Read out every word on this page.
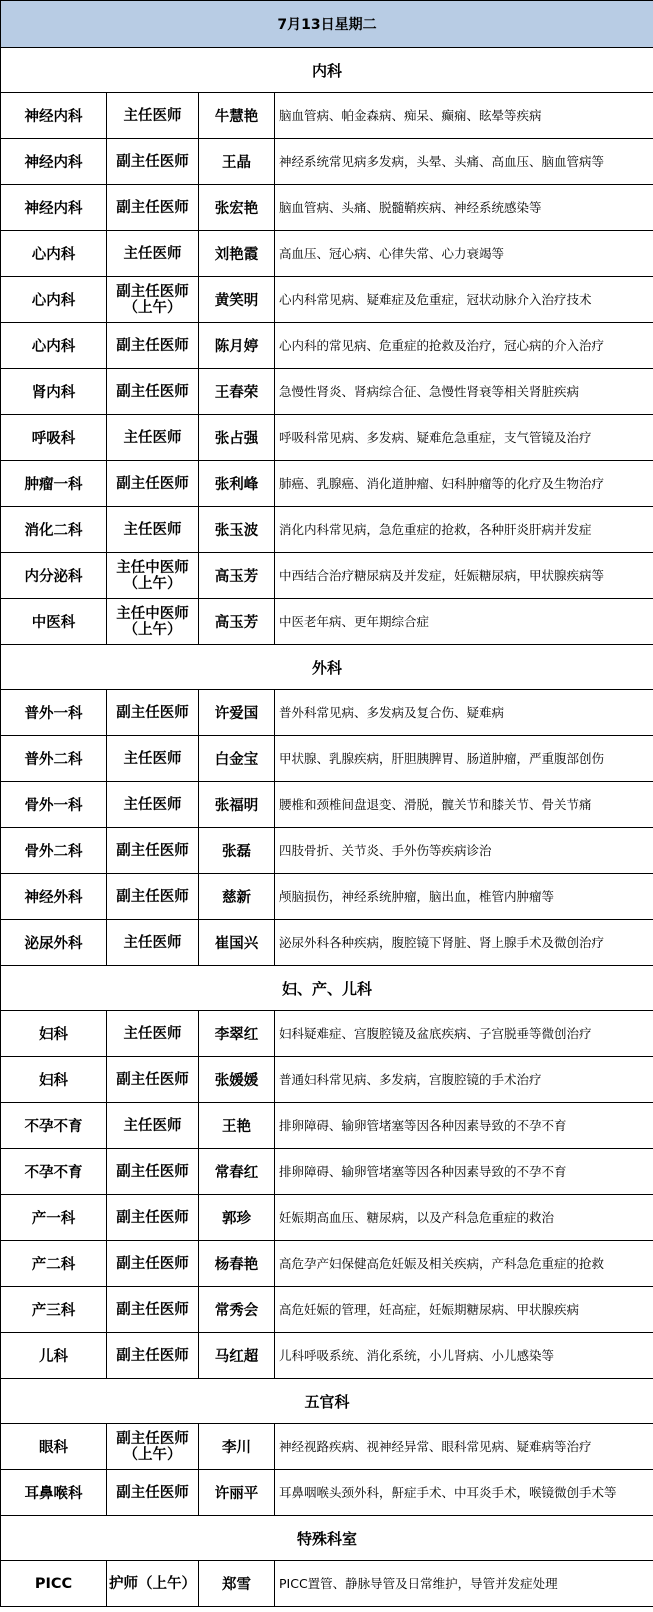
7月13日星期二			
内科			
神经内科	主任医师	牛慧艳	脑血管病、帕金森病、痴呆、癫痫、眩晕等疾病
神经内科	副主任医师	王晶	神经系统常见病多发病，头晕、头痛、高血压、脑血管病等
神经内科	副主任医师	张宏艳	脑血管病、头痛、脱髓鞘疾病、神经系统感染等
心内科	主任医师	刘艳霞	高血压、冠心病、心律失常、心力衰竭等
心内科	副主任医师（上午）	黄笑明	心内科常见病、疑难症及危重症，冠状动脉介入治疗技术
心内科	副主任医师	陈月婷	心内科的常见病、危重症的抢救及治疗，冠心病的介入治疗
肾内科	副主任医师	王春荣	急慢性肾炎、肾病综合征、急慢性肾衰等相关肾脏疾病
呼吸科	主任医师	张占强	呼吸科常见病、多发病、疑难危急重症，支气管镜及治疗
肿瘤一科	副主任医师	张利峰	肺癌、乳腺癌、消化道肿瘤、妇科肿瘤等的化疗及生物治疗
消化二科	主任医师	张玉波	消化内科常见病，急危重症的抢救，各种肝炎肝病并发症
内分泌科	主任中医师（上午）	高玉芳	中西结合治疗糖尿病及并发症，妊娠糖尿病，甲状腺疾病等
中医科	主任中医师（上午）	高玉芳	中医老年病、更年期综合症
外科			
普外一科	副主任医师	许爱国	普外科常见病、多发病及复合伤、疑难病
普外二科	主任医师	白金宝	甲状腺、乳腺疾病，肝胆胰脾胃、肠道肿瘤，严重腹部创伤
骨外一科	主任医师	张福明	腰椎和颈椎间盘退变、滑脱，髋关节和膝关节、骨关节痛
骨外二科	副主任医师	张磊	四肢骨折、关节炎、手外伤等疾病诊治
神经外科	副主任医师	慈新	颅脑损伤，神经系统肿瘤，脑出血，椎管内肿瘤等
泌尿外科	主任医师	崔国兴	泌尿外科各种疾病，腹腔镜下肾脏、肾上腺手术及微创治疗
妇、产、儿科			
妇科	主任医师	李翠红	妇科疑难症、宫腹腔镜及盆底疾病、子宫脱垂等微创治疗
妇科	副主任医师	张媛媛	普通妇科常见病、多发病，宫腹腔镜的手术治疗
不孕不育	主任医师	王艳	排卵障碍、输卵管堵塞等因各种因素导致的不孕不育
不孕不育	副主任医师	常春红	排卵障碍、输卵管堵塞等因各种因素导致的不孕不育
产一科	副主任医师	郭珍	妊娠期高血压、糖尿病，以及产科急危重症的救治
产二科	副主任医师	杨春艳	高危孕产妇保健高危妊娠及相关疾病，产科急危重症的抢救
产三科	副主任医师	常秀会	高危妊娠的管理，妊高症，妊娠期糖尿病、甲状腺疾病
儿科	副主任医师	马红超	儿科呼吸系统、消化系统，小儿肾病、小儿感染等
五官科			
眼科	副主任医师（上午）	李川	神经视路疾病、视神经异常、眼科常见病、疑难病等治疗
耳鼻喉科	副主任医师	许丽平	耳鼻咽喉头颈外科，鼾症手术、中耳炎手术，喉镜微创手术等
特殊科室			
PICC	护师（上午）	郑雪	PICC置管、静脉导管及日常维护，导管并发症处理
